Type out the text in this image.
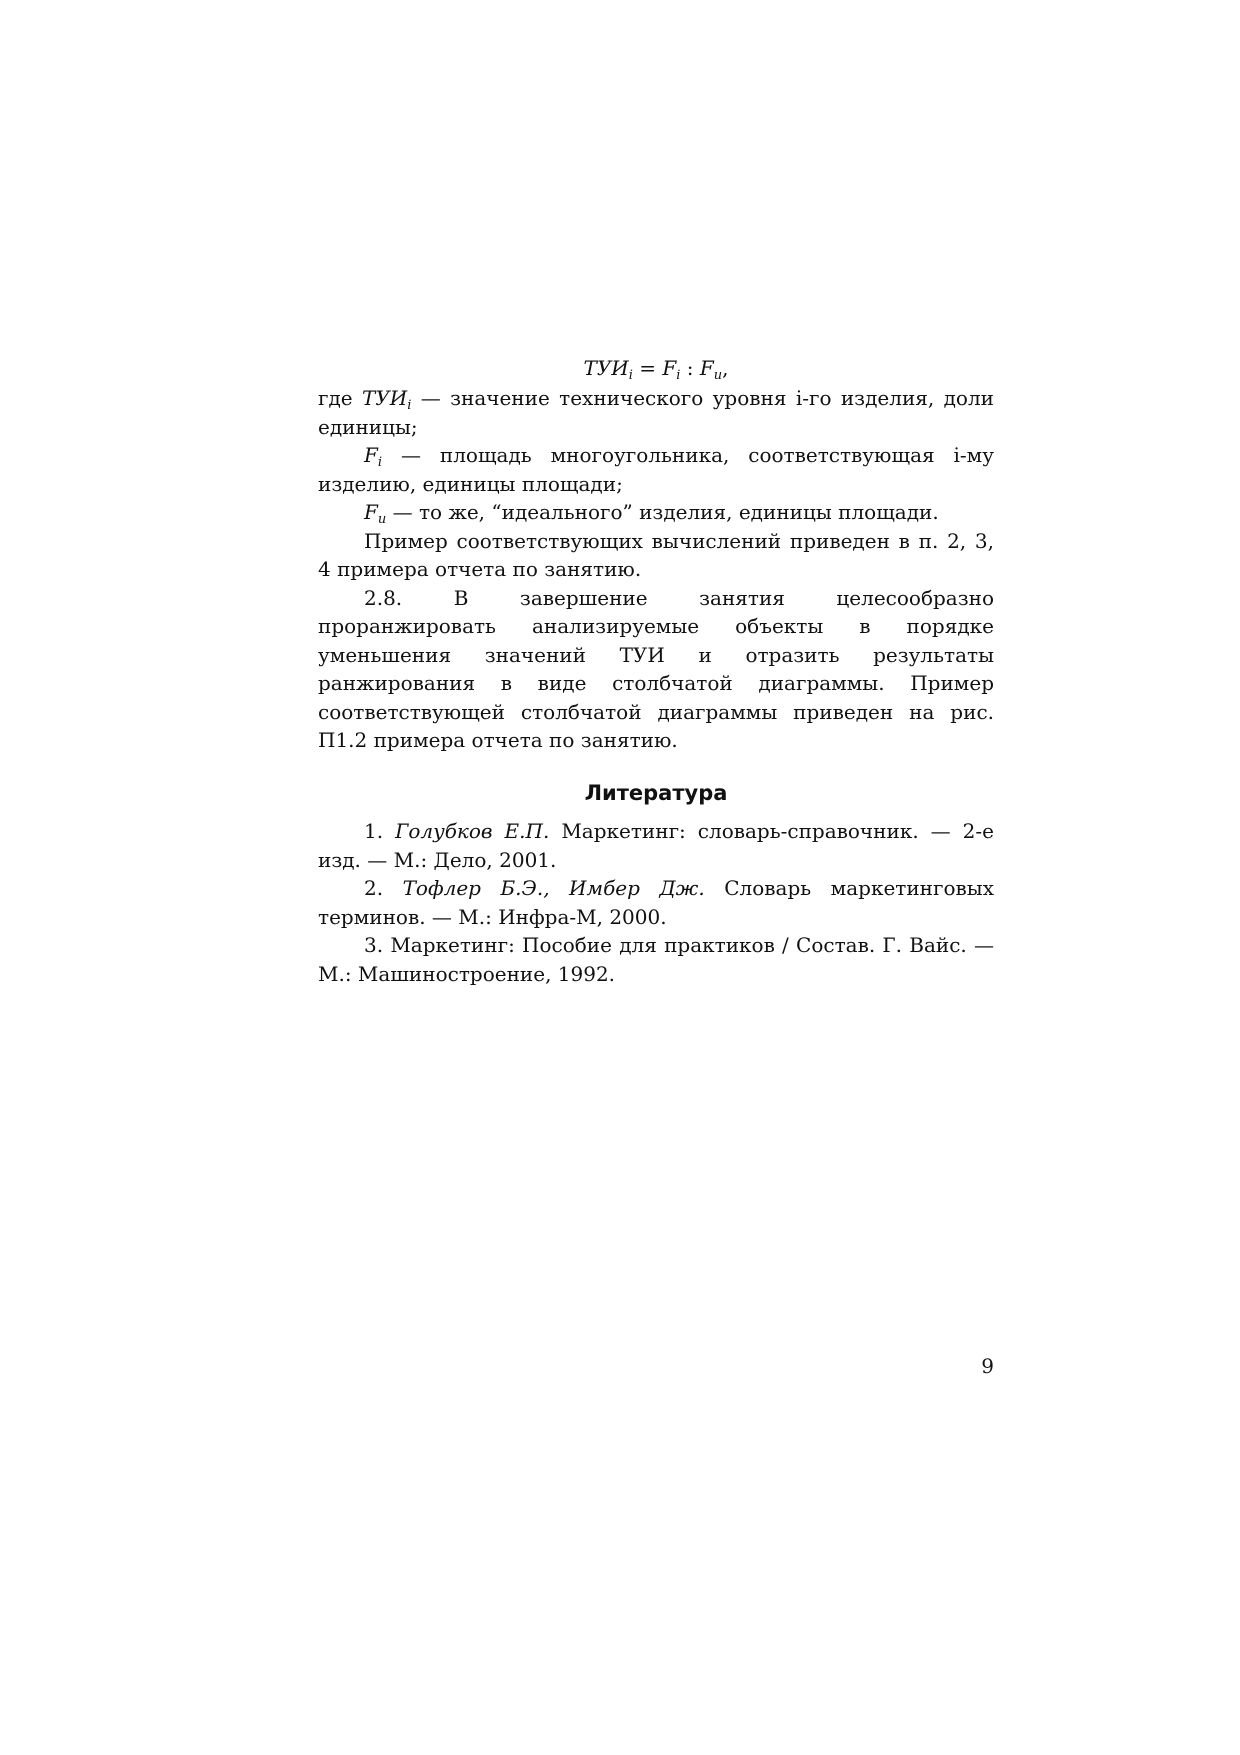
$ТУИ_i = F_i$ : $F_u$,

где $ТУИ_i$ — значение технического уровня i-го изделия, доли единицы;

$F_i$ — площадь многоугольника, соответствующая i-му изделию, единицы площади;

$F_u$ — то же, “идеального” изделия, единицы площади.

Пример соответствующих вычислений приведен в п. 2, 3, 4 примера отчета по занятию.

2.8. В завершение занятия целесообразно проранжировать анализируемые объекты в порядке уменьшения значений ТУИ и отразить результаты ранжирования в виде столбчатой диаграммы. Пример соответствующей столбчатой диаграммы приведен на рис. П1.2 примера отчета по занятию.

Литература

1. Голубков Е.П. Маркетинг: словарь-справочник. — 2-е изд. — М.: Дело, 2001.

2. Тофлер Б.Э., Имбер Дж. Словарь маркетинговых терминов. — М.: Инфра-М, 2000.

3. Маркетинг: Пособие для практиков / Состав. Г. Вайс. — М.: Машиностроение, 1992.

9
